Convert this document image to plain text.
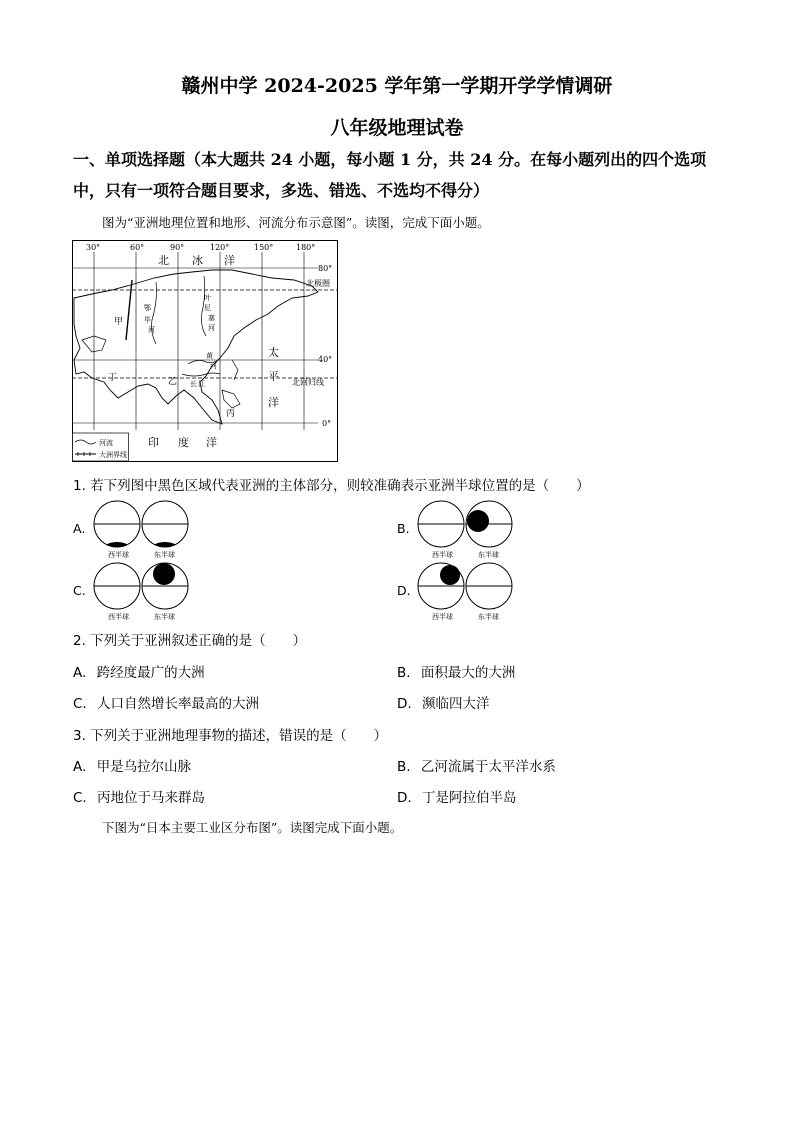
赣州中学 2024-2025 学年第一学期开学学情调研
八年级地理试卷
一、单项选择题（本大题共 24 小题，每小题 1 分，共 24 分。在每小题列出的四个选项中，只有一项符合题目要求，多选、错选、不选均不得分）
图为“亚洲地理位置和地形、河流分布示意图”。读图，完成下面小题。
30°	60°	90°	120°	150°	180°
80°
北极圈
40°
北回归线
0°
北 冰 洋
太
平
洋
印 度 洋
甲
乙
丙
丁
叶
尼
塞
河
鄂
毕
河
黄
河
长 江
河流
大洲界线
1. 若下列图中黑色区域代表亚洲的主体部分，则较准确表示亚洲半球位置的是（　　）
A.
西半球	东半球
B.
西半球	东半球
C.
西半球	东半球
D.
西半球	东半球
2. 下列关于亚洲叙述正确的是（　　）
A. 跨经度最广的大洲	B. 面积最大的大洲
C. 人口自然增长率最高的大洲	D. 濒临四大洋
3. 下列关于亚洲地理事物的描述，错误的是（　　）
A. 甲是乌拉尔山脉	B. 乙河流属于太平洋水系
C. 丙地位于马来群岛	D. 丁是阿拉伯半岛
下图为“日本主要工业区分布图”。读图完成下面小题。
